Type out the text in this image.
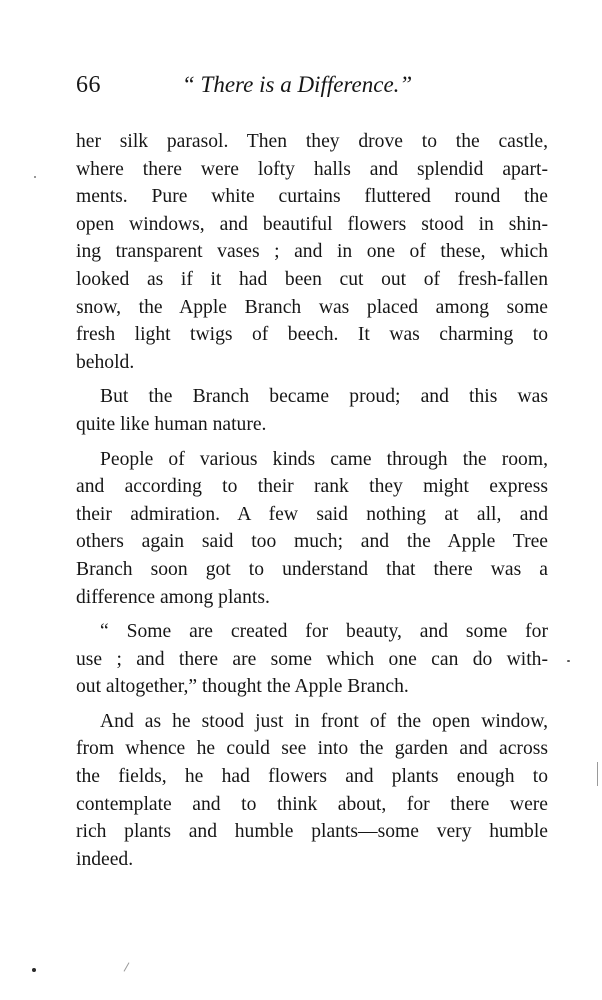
66	“ There is a Difference.”
her silk parasol. Then they drove to the castle,
where there were lofty halls and splendid apart-
ments. Pure white curtains fluttered round the
open windows, and beautiful flowers stood in shin-
ing transparent vases ; and in one of these, which
looked as if it had been cut out of fresh-fallen
snow, the Apple Branch was placed among some
fresh light twigs of beech. It was charming to
behold.
But the Branch became proud; and this was
quite like human nature.
People of various kinds came through the room,
and according to their rank they might express
their admiration. A few said nothing at all, and
others again said too much; and the Apple Tree
Branch soon got to understand that there was a
difference among plants.
“ Some are created for beauty, and some for
use ; and there are some which one can do with-
out altogether,” thought the Apple Branch.
And as he stood just in front of the open window,
from whence he could see into the garden and across
the fields, he had flowers and plants enough to
contemplate and to think about, for there were
rich plants and humble plants—some very humble
indeed.
